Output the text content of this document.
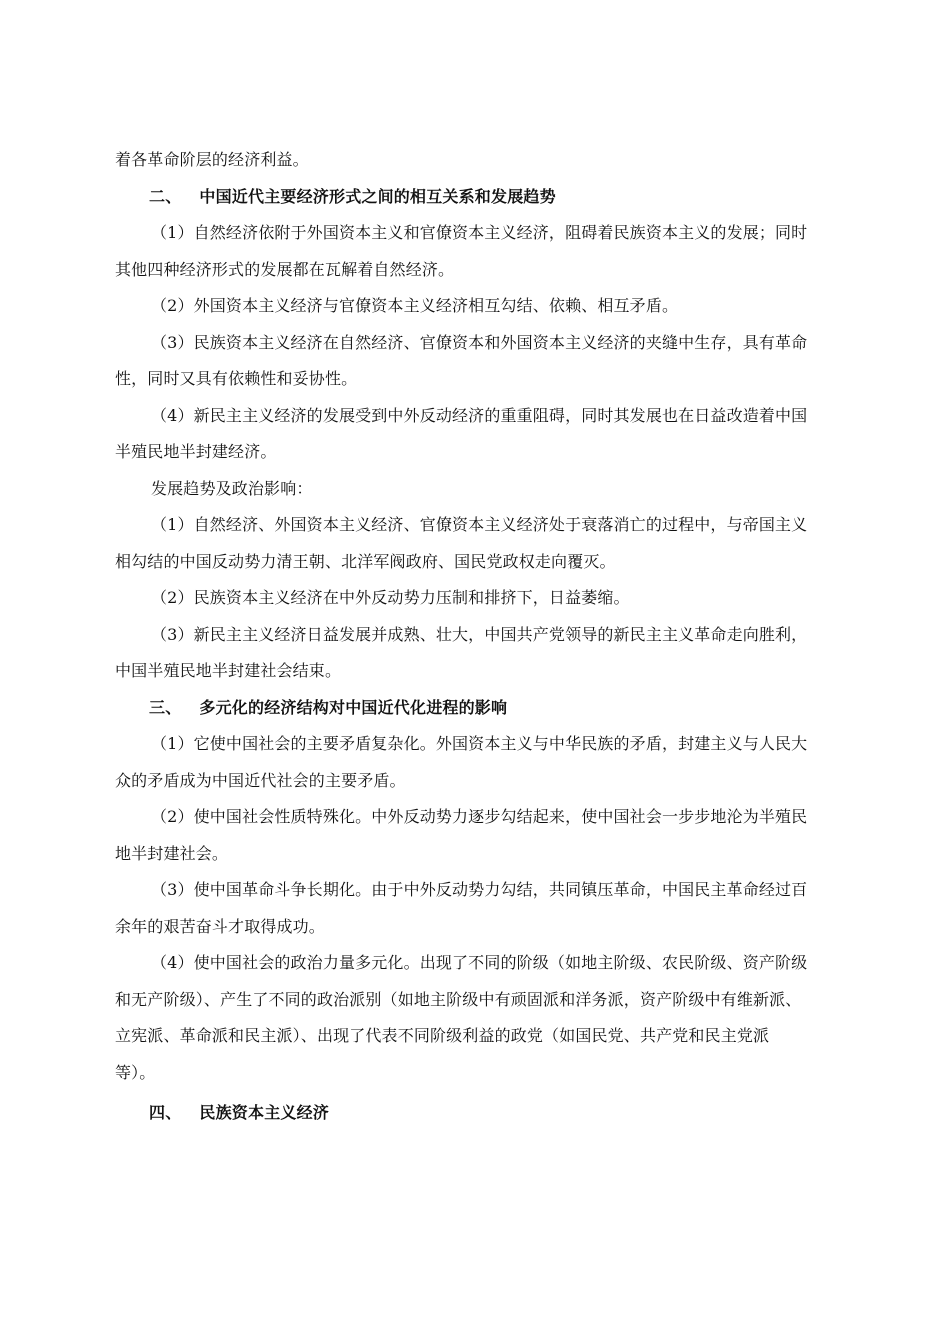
着各革命阶层的经济利益。
二、 中国近代主要经济形式之间的相互关系和发展趋势
（1）自然经济依附于外国资本主义和官僚资本主义经济，阻碍着民族资本主义的发展；同时
其他四种经济形式的发展都在瓦解着自然经济。
（2）外国资本主义经济与官僚资本主义经济相互勾结、依赖、相互矛盾。
（3）民族资本主义经济在自然经济、官僚资本和外国资本主义经济的夹缝中生存，具有革命
性，同时又具有依赖性和妥协性。
（4）新民主主义经济的发展受到中外反动经济的重重阻碍，同时其发展也在日益改造着中国
半殖民地半封建经济。
发展趋势及政治影响：
（1）自然经济、外国资本主义经济、官僚资本主义经济处于衰落消亡的过程中，与帝国主义
相勾结的中国反动势力清王朝、北洋军阀政府、国民党政权走向覆灭。
（2）民族资本主义经济在中外反动势力压制和排挤下，日益萎缩。
（3）新民主主义经济日益发展并成熟、壮大，中国共产党领导的新民主主义革命走向胜利，
中国半殖民地半封建社会结束。
三、 多元化的经济结构对中国近代化进程的影响
（1）它使中国社会的主要矛盾复杂化。外国资本主义与中华民族的矛盾，封建主义与人民大
众的矛盾成为中国近代社会的主要矛盾。
（2）使中国社会性质特殊化。中外反动势力逐步勾结起来，使中国社会一步步地沦为半殖民
地半封建社会。
（3）使中国革命斗争长期化。由于中外反动势力勾结，共同镇压革命，中国民主革命经过百
余年的艰苦奋斗才取得成功。
（4）使中国社会的政治力量多元化。出现了不同的阶级（如地主阶级、农民阶级、资产阶级
和无产阶级）、产生了不同的政治派别（如地主阶级中有顽固派和洋务派，资产阶级中有维新派、
立宪派、革命派和民主派）、出现了代表不同阶级利益的政党（如国民党、共产党和民主党派
等）。
四、 民族资本主义经济
